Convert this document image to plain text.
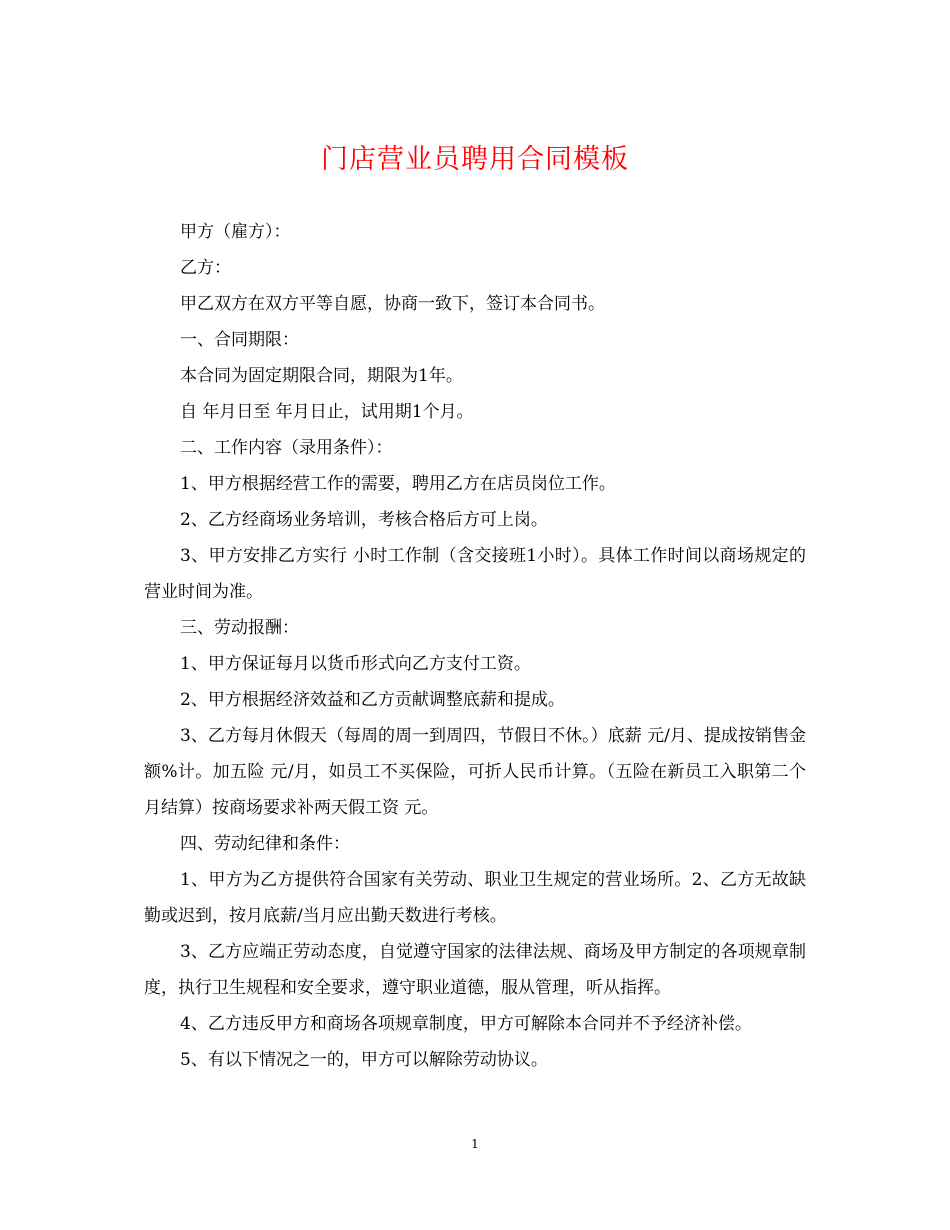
门店营业员聘用合同模板

甲方（雇方）：

乙方：

甲乙双方在双方平等自愿，协商一致下，签订本合同书。

一、合同期限：

本合同为固定期限合同，期限为1年。

自 年月日至 年月日止，试用期1个月。

二、工作内容（录用条件）：

1、甲方根据经营工作的需要，聘用乙方在店员岗位工作。

2、乙方经商场业务培训，考核合格后方可上岗。

3、甲方安排乙方实行 小时工作制（含交接班1小时）。具体工作时间以商场规定的营业时间为准。

三、劳动报酬：

1、甲方保证每月以货币形式向乙方支付工资。

2、甲方根据经济效益和乙方贡献调整底薪和提成。

3、乙方每月休假天（每周的周一到周四，节假日不休。）底薪 元/月、提成按销售金额%计。加五险 元/月，如员工不买保险，可折人民币计算。（五险在新员工入职第二个月结算）按商场要求补两天假工资 元。

四、劳动纪律和条件：

1、甲方为乙方提供符合国家有关劳动、职业卫生规定的营业场所。2、乙方无故缺勤或迟到，按月底薪/当月应出勤天数进行考核。

3、乙方应端正劳动态度，自觉遵守国家的法律法规、商场及甲方制定的各项规章制度，执行卫生规程和安全要求，遵守职业道德，服从管理，听从指挥。

4、乙方违反甲方和商场各项规章制度，甲方可解除本合同并不予经济补偿。

5、有以下情况之一的，甲方可以解除劳动协议。

1
